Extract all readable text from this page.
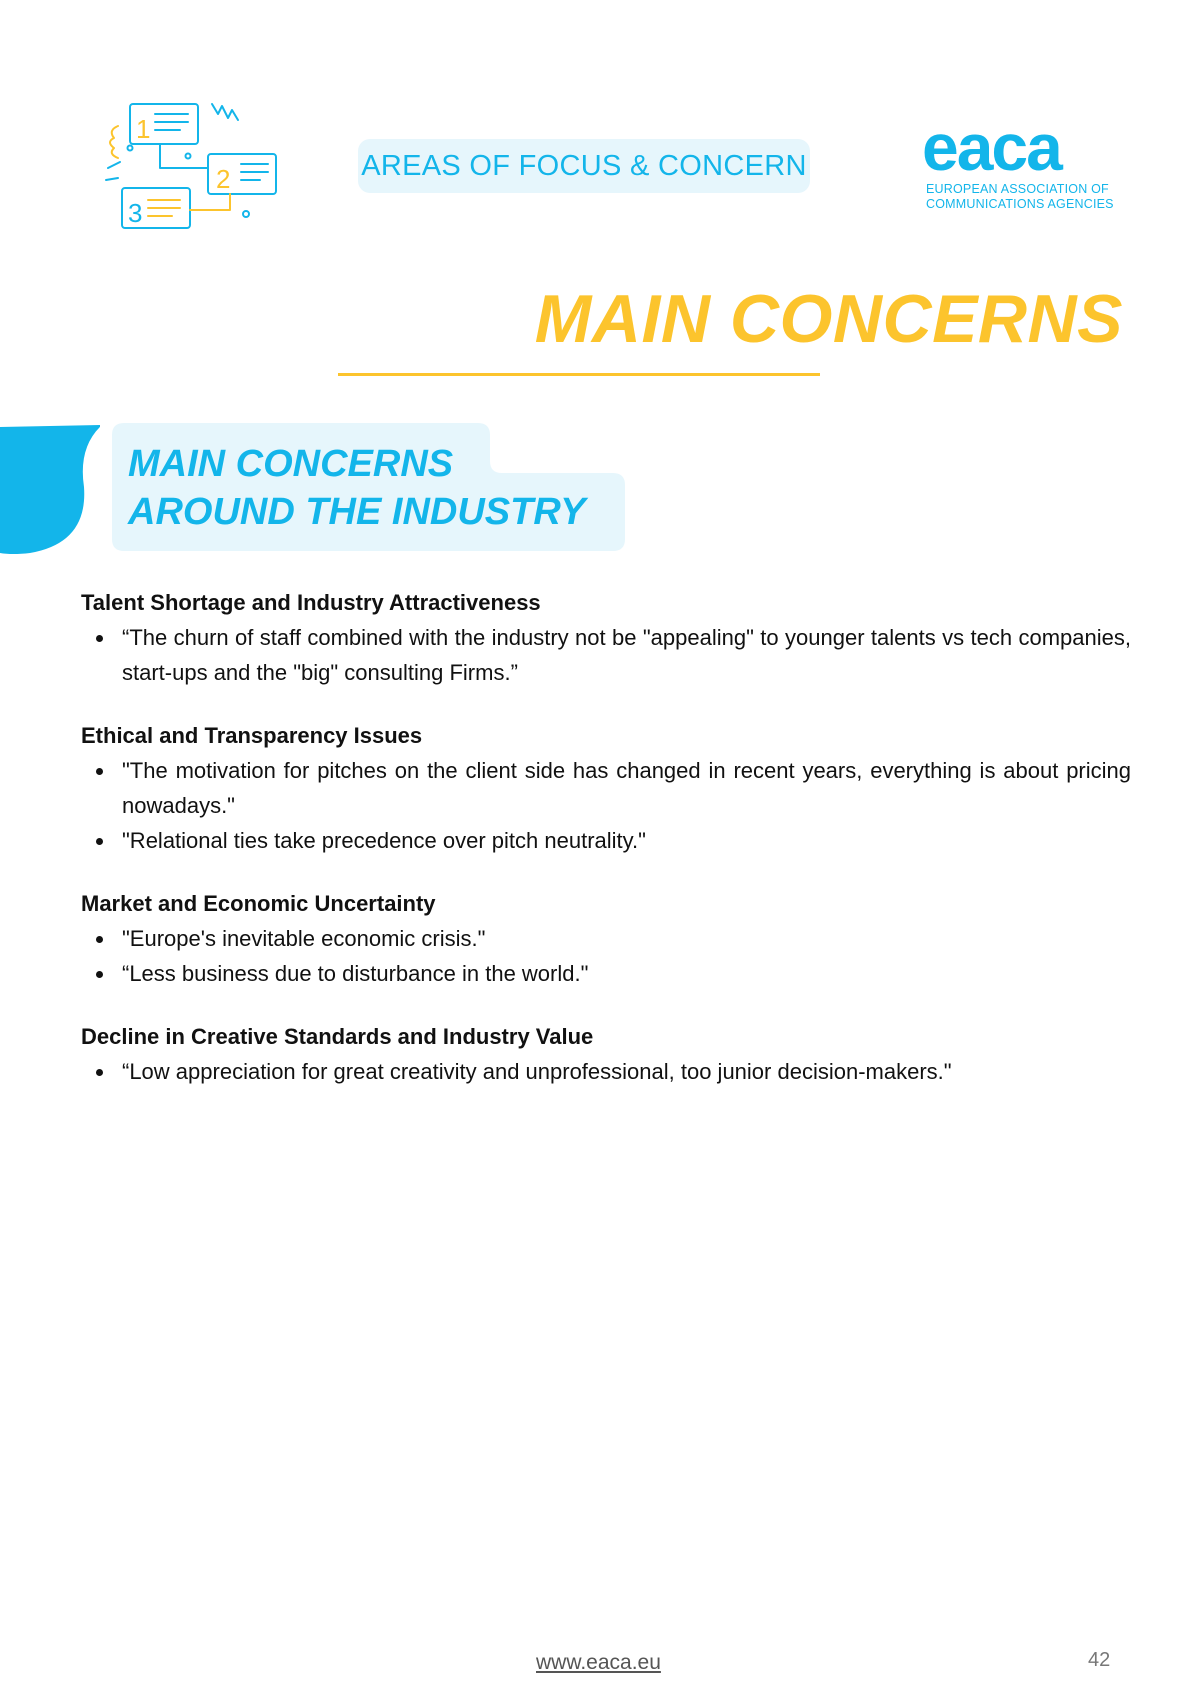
1
2
3
AREAS OF FOCUS & CONCERN eaca
EUROPEAN ASSOCIATION OF
COMMUNICATIONS AGENCIES
MAIN CONCERNS
MAIN CONCERNS
AROUND THE INDUSTRY
Talent Shortage and Industry Attractiveness
“The churn of staff combined with the industry not be "appealing" to younger talents vs tech companies, start-ups and the "big" consulting Firms.”
Ethical and Transparency Issues
"The motivation for pitches on the client side has changed in recent years, everything is about pricing nowadays."
"Relational ties take precedence over pitch neutrality."
Market and Economic Uncertainty
"Europe's inevitable economic crisis."
“Less business due to disturbance in the world."
Decline in Creative Standards and Industry Value
“Low appreciation for great creativity and unprofessional, too junior decision-makers."
www.eaca.eu	42
